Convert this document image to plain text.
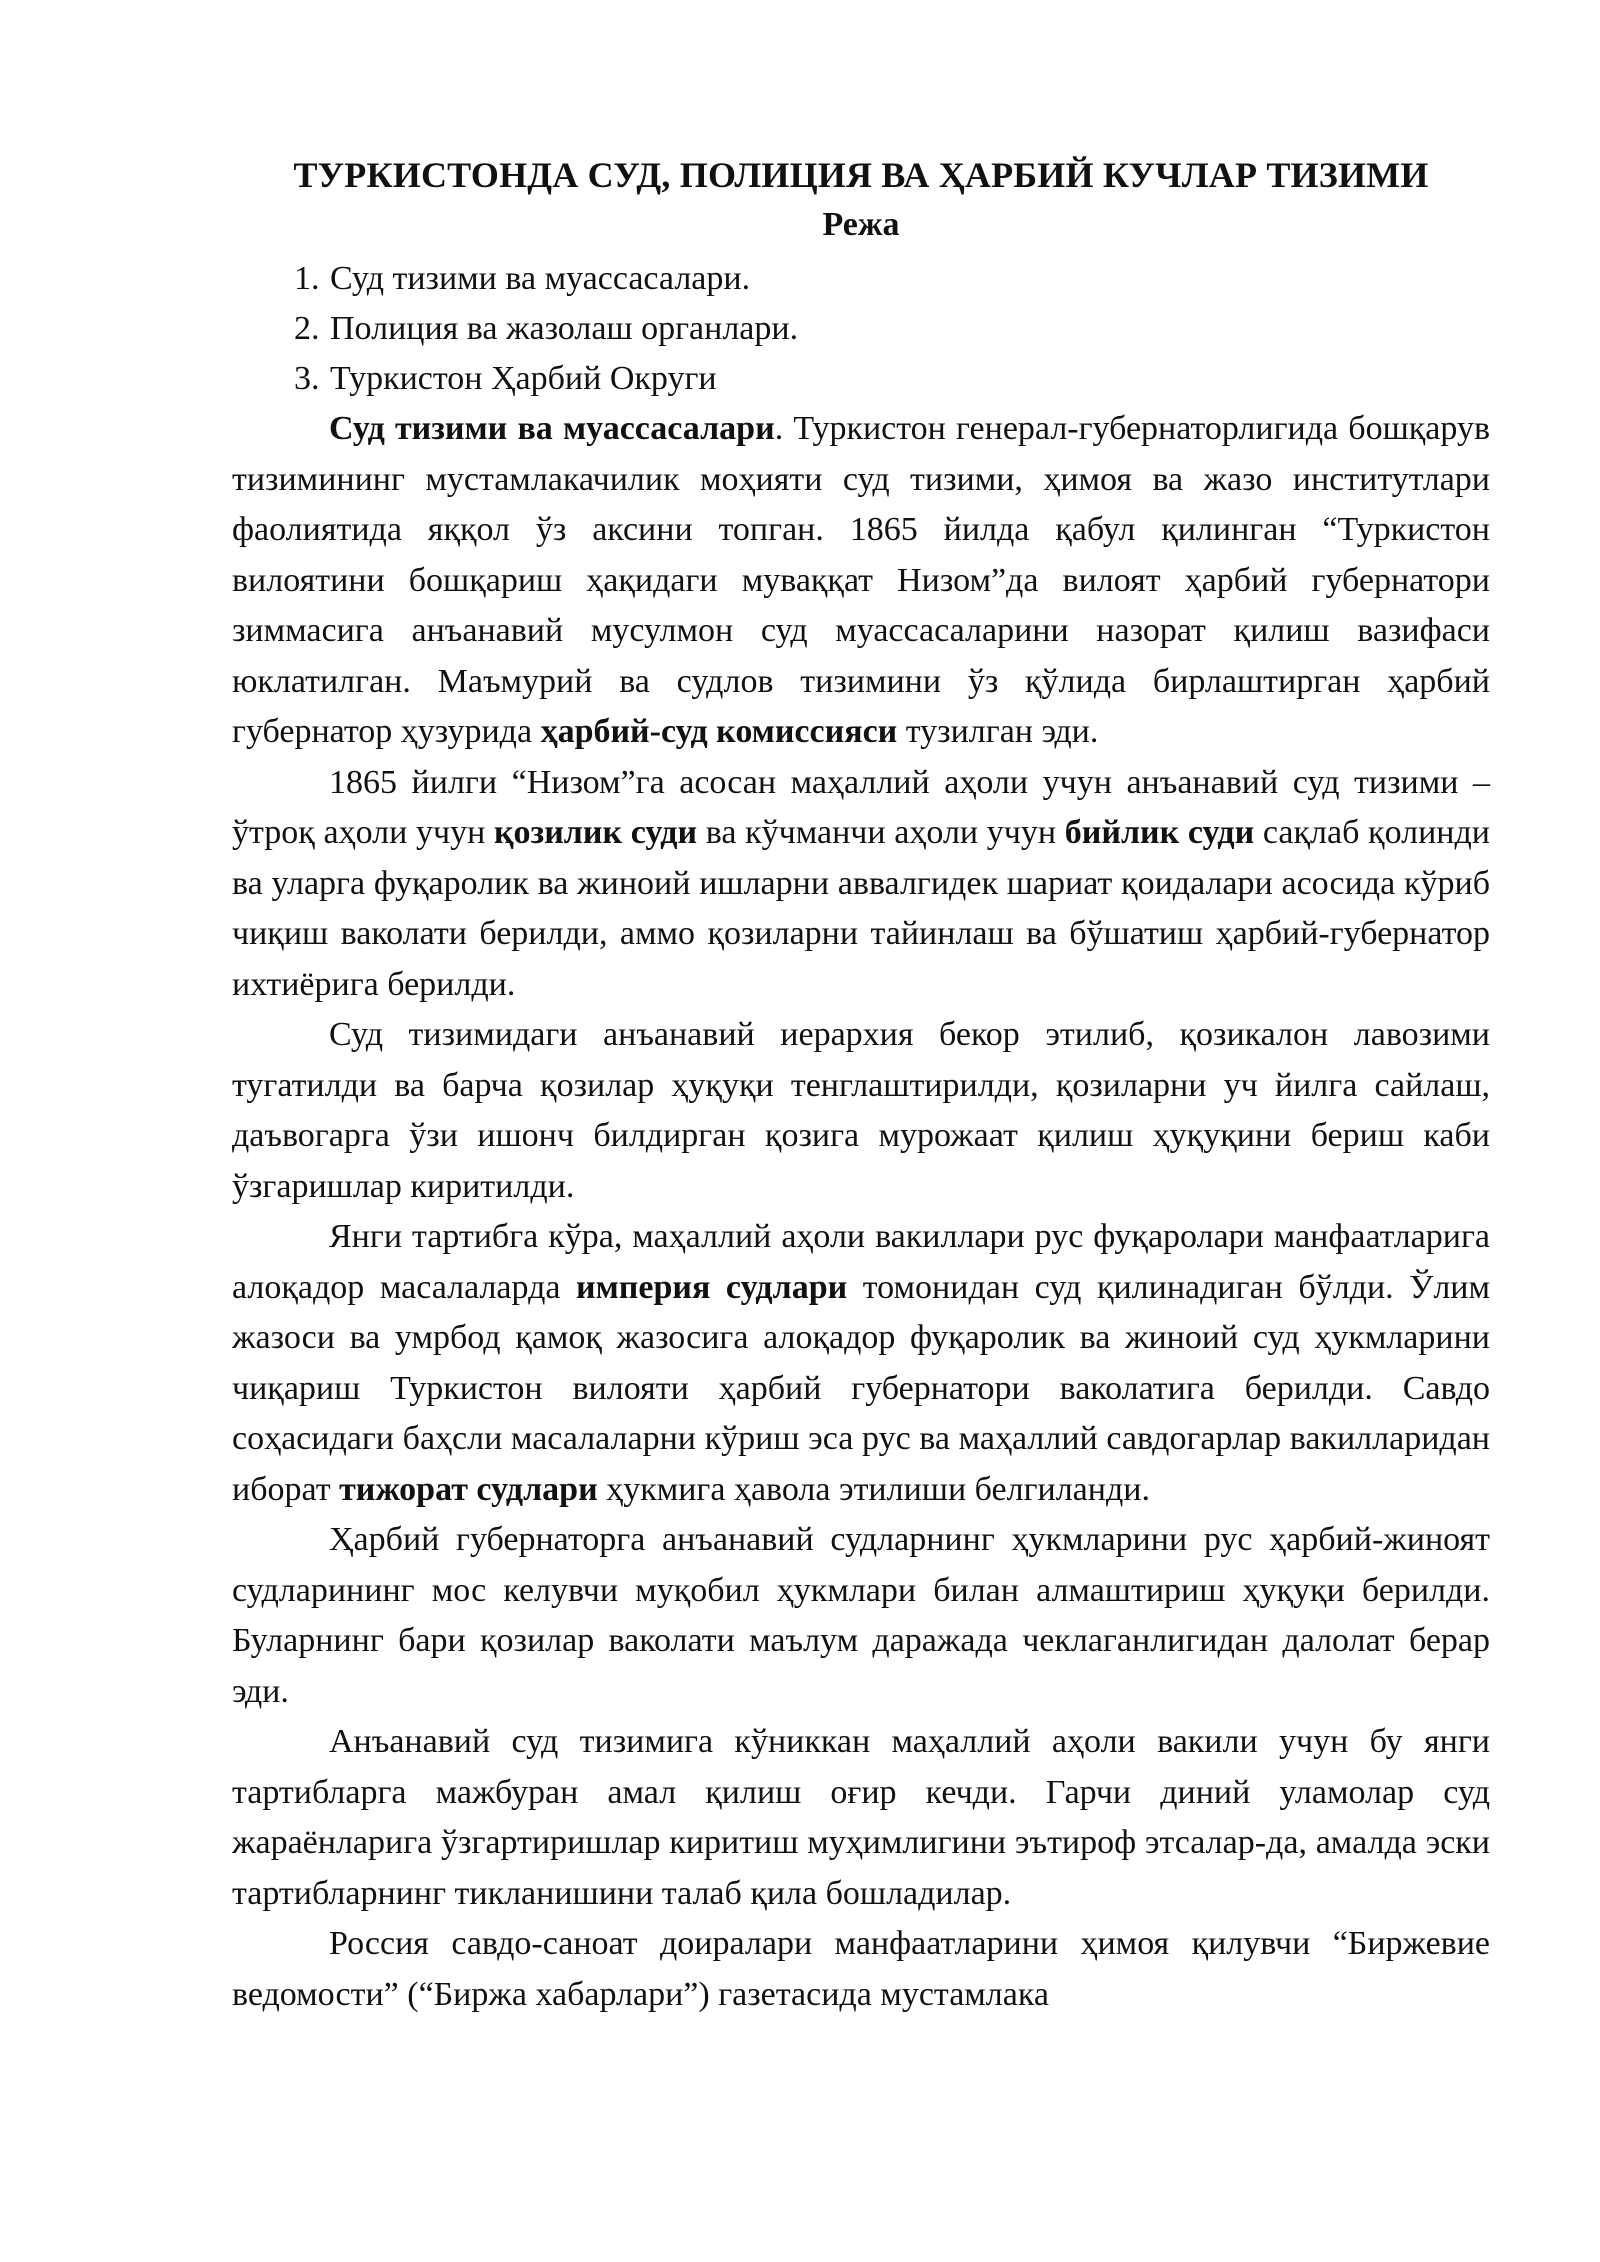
ТУРКИСТОНДА СУД, ПОЛИЦИЯ ВА ҲАРБИЙ КУЧЛАР ТИЗИМИ
Режа
1. Суд тизими ва муассасалари.
2. Полиция ва жазолаш органлари.
3. Туркистон Ҳарбий Округи

Суд тизими ва муассасалари. Туркистон генерал-губернаторлигида бошқарув тизимининг мустамлакачилик моҳияти суд тизими, ҳимоя ва жазо институтлари фаолиятида яққол ўз аксини топган. 1865 йилда қабул қилинган “Туркистон вилоятини бошқариш ҳақидаги муваққат Низом”да вилоят ҳарбий губернатори зиммасига анъанавий мусулмон суд муассасаларини назорат қилиш вазифаси юклатилган. Маъмурий ва судлов тизимини ўз қўлида бирлаштирган ҳарбий губернатор ҳузурида ҳарбий-суд комиссияси тузилган эди.

1865 йилги “Низом”га асосан маҳаллий аҳоли учун анъанавий суд тизими – ўтроқ аҳоли учун қозилик суди ва кўчманчи аҳоли учун бийлик суди сақлаб қолинди ва уларга фуқаролик ва жиноий ишларни аввалгидек шариат қоидалари асосида кўриб чиқиш ваколати берилди, аммо қозиларни тайинлаш ва бўшатиш ҳарбий-губернатор ихтиёрига берилди.

Суд тизимидаги анъанавий иерархия бекор этилиб, қозикалон лавозими тугатилди ва барча қозилар ҳуқуқи тенглаштирилди, қозиларни уч йилга сайлаш, даъвогарга ўзи ишонч билдирган қозига мурожаат қилиш ҳуқуқини бериш каби ўзгаришлар киритилди.

Янги тартибга кўра, маҳаллий аҳоли вакиллари рус фуқаролари манфаатларига алоқадор масалаларда империя судлари томонидан суд қилинадиган бўлди. Ўлим жазоси ва умрбод қамоқ жазосига алоқадор фуқаролик ва жиноий суд ҳукмларини чиқариш Туркистон вилояти ҳарбий губернатори ваколатига берилди. Савдо соҳасидаги баҳсли масалаларни кўриш эса рус ва маҳаллий савдогарлар вакилларидан иборат тижорат судлари ҳукмига ҳавола этилиши белгиланди.

Ҳарбий губернаторга анъанавий судларнинг ҳукмларини рус ҳарбий-жиноят судларининг мос келувчи муқобил ҳукмлари билан алмаштириш ҳуқуқи берилди. Буларнинг бари қозилар ваколати маълум даражада чеклаганлигидан далолат берар эди.

Анъанавий суд тизимига кўниккан маҳаллий аҳоли вакили учун бу янги тартибларга мажбуран амал қилиш оғир кечди. Гарчи диний уламолар суд жараёнларига ўзгартиришлар киритиш муҳимлигини эътироф этсалар-да, амалда эски тартибларнинг тикланишини талаб қила бошладилар.

Россия савдо-саноат доиралари манфаатларини ҳимоя қилувчи “Биржевие ведомости” (“Биржа хабарлари”) газетасида мустамлака
